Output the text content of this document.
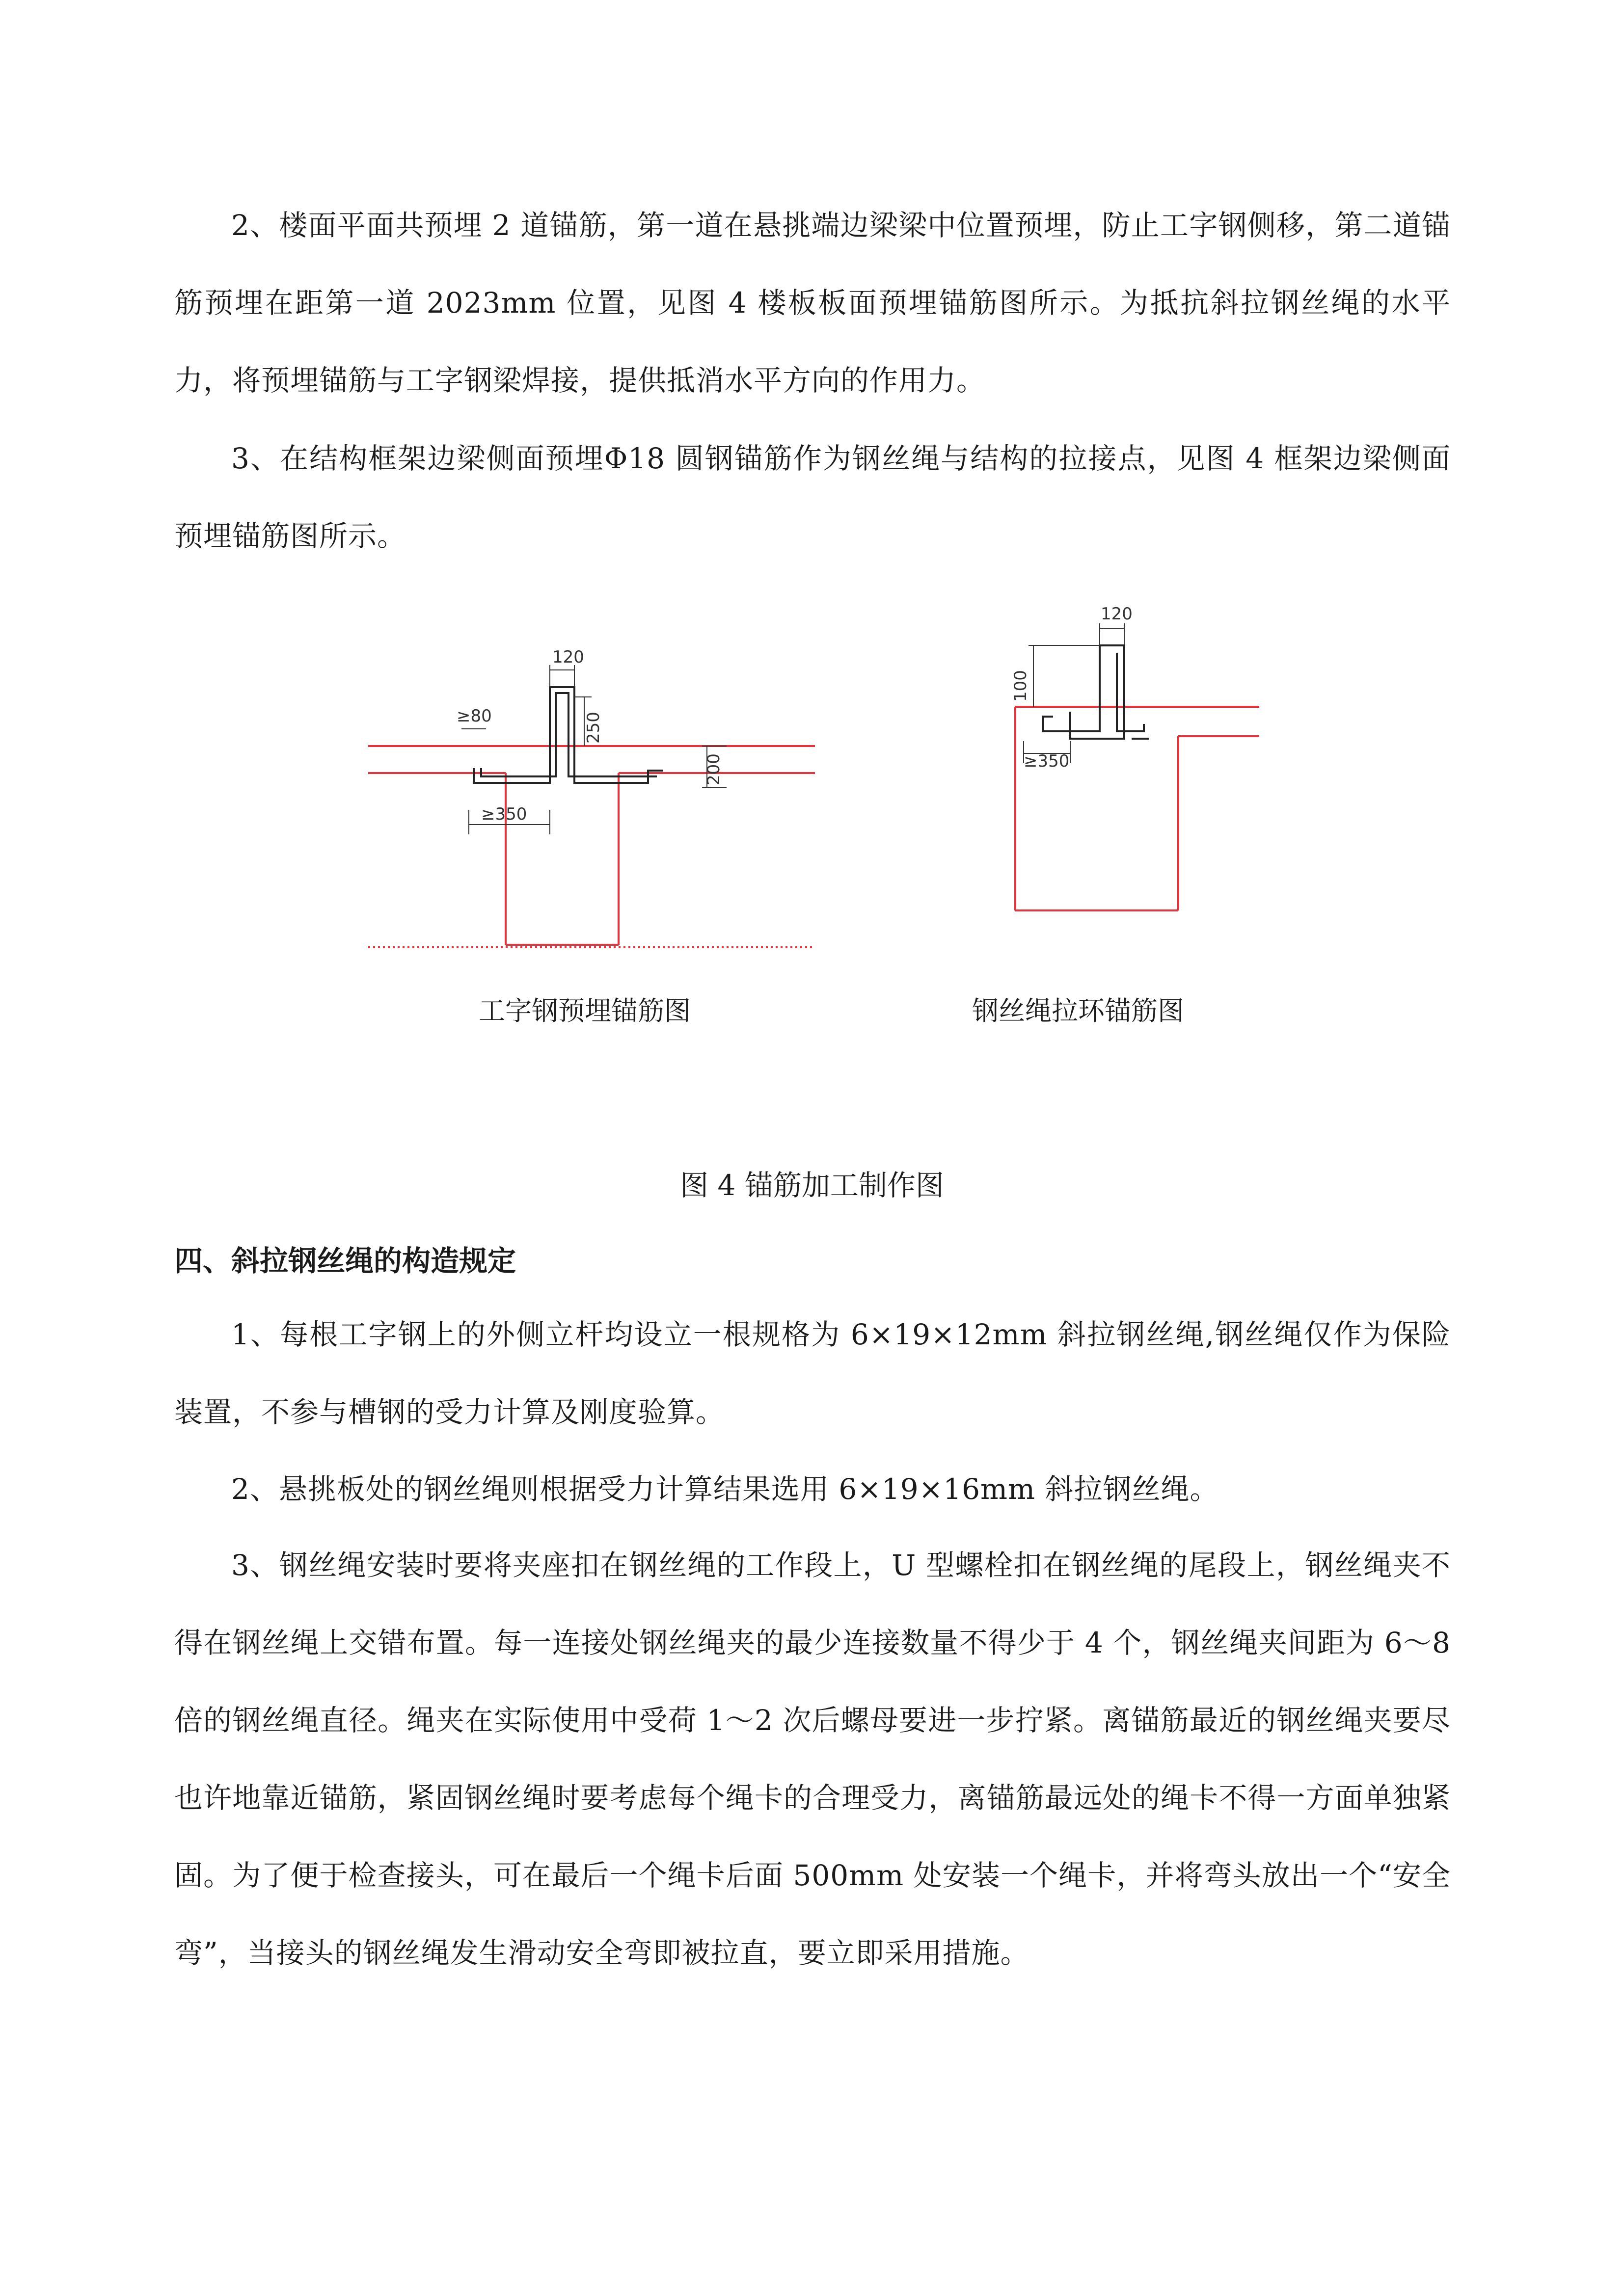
2、楼面平面共预埋 2 道锚筋，第一道在悬挑端边梁梁中位置预埋，防止工字钢侧移，第二道锚筋预埋在距第一道 2023mm 位置，见图 4 楼板板面预埋锚筋图所示。为抵抗斜拉钢丝绳的水平力，将预埋锚筋与工字钢梁焊接，提供抵消水平方向的作用力。

3、在结构框架边梁侧面预埋Φ18 圆钢锚筋作为钢丝绳与结构的拉接点，见图 4 框架边梁侧面预埋锚筋图所示。

120
≥80	250
200
≥350
120
100
≥350
工字钢预埋锚筋图	钢丝绳拉环锚筋图
图 4 锚筋加工制作图
四、斜拉钢丝绳的构造规定

1、每根工字钢上的外侧立杆均设立一根规格为 6×19×12mm 斜拉钢丝绳,钢丝绳仅作为保险装置，不参与槽钢的受力计算及刚度验算。

2、悬挑板处的钢丝绳则根据受力计算结果选用 6×19×16mm 斜拉钢丝绳。

3、钢丝绳安装时要将夹座扣在钢丝绳的工作段上，U 型螺栓扣在钢丝绳的尾段上，钢丝绳夹不得在钢丝绳上交错布置。每一连接处钢丝绳夹的最少连接数量不得少于 4 个，钢丝绳夹间距为 6～8 倍的钢丝绳直径。绳夹在实际使用中受荷 1～2 次后螺母要进一步拧紧。离锚筋最近的钢丝绳夹要尽也许地靠近锚筋，紧固钢丝绳时要考虑每个绳卡的合理受力，离锚筋最远处的绳卡不得一方面单独紧固。为了便于检查接头，可在最后一个绳卡后面 500mm 处安装一个绳卡，并将弯头放出一个“安全弯”，当接头的钢丝绳发生滑动安全弯即被拉直，要立即采用措施。
